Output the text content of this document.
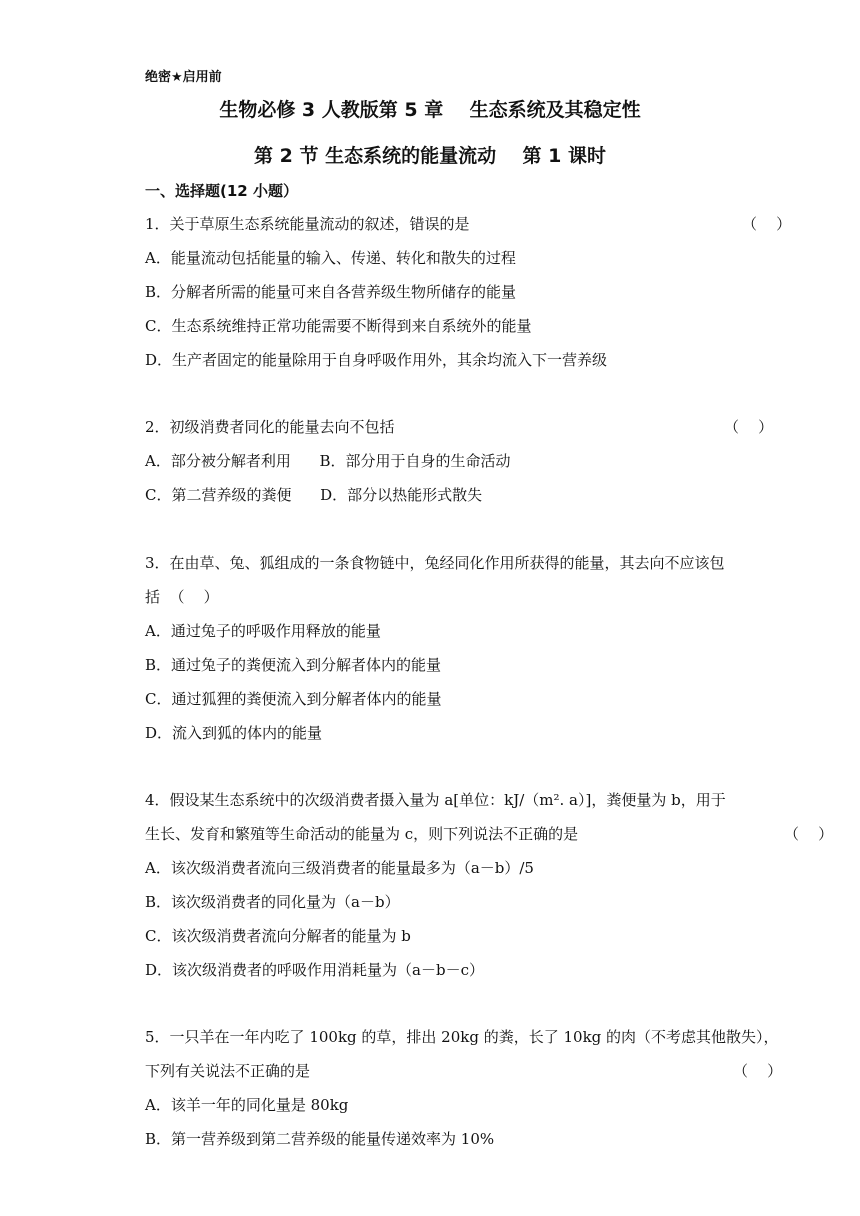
绝密★启用前
生物必修 3 人教版第 5 章    生态系统及其稳定性
第 2 节 生态系统的能量流动    第 1 课时
一、选择题(12 小题）
1．关于草原生态系统能量流动的叙述，错误的是	（    ）
A．能量流动包括能量的输入、传递、转化和散失的过程
B．分解者所需的能量可来自各营养级生物所储存的能量
C．生态系统维持正常功能需要不断得到来自系统外的能量
D．生产者固定的能量除用于自身呼吸作用外，其余均流入下一营养级
2．初级消费者同化的能量去向不包括	（    ）
A．部分被分解者利用      B．部分用于自身的生命活动
C．第二营养级的粪便      D．部分以热能形式散失
3．在由草、兔、狐组成的一条食物链中，兔经同化作用所获得的能量，其去向不应该包
括  （    ）
A．通过兔子的呼吸作用释放的能量
B．通过兔子的粪便流入到分解者体内的能量
C．通过狐狸的粪便流入到分解者体内的能量
D．流入到狐的体内的能量
4．假设某生态系统中的次级消费者摄入量为 a[单位：kJ/（m². a）]，粪便量为 b，用于
生长、发育和繁殖等生命活动的能量为 c，则下列说法不正确的是	（    ）
A．该次级消费者流向三级消费者的能量最多为（a－b）/5
B．该次级消费者的同化量为（a－b）
C．该次级消费者流向分解者的能量为 b
D．该次级消费者的呼吸作用消耗量为（a－b－c）
5．一只羊在一年内吃了 100kg 的草，排出 20kg 的粪，长了 10kg 的肉（不考虑其他散失），
下列有关说法不正确的是	（    ）
A．该羊一年的同化量是 80kg
B．第一营养级到第二营养级的能量传递效率为 10%
